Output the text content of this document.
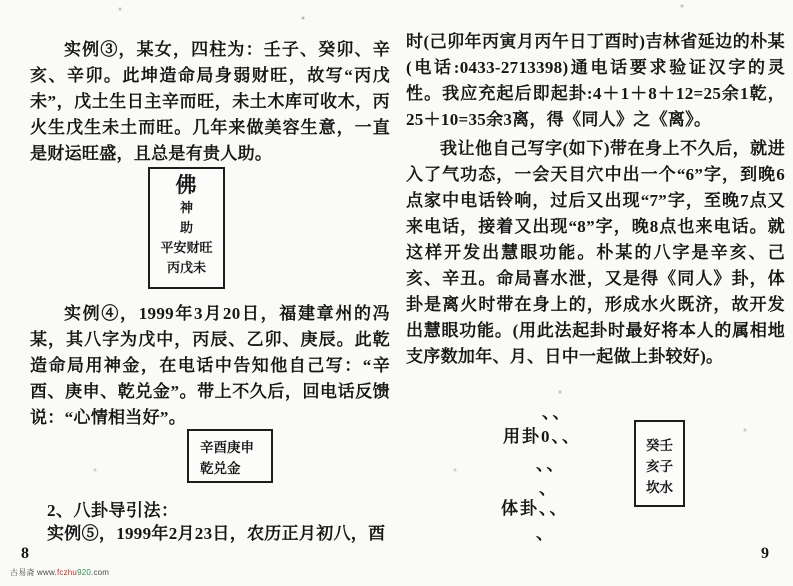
实例③，某女，四柱为：壬子、癸卯、辛亥、辛卯。此坤造命局身弱财旺，故写“丙戊未”，戊土生日主辛而旺，未土木库可收木，丙火生戊生未土而旺。几年来做美容生意，一直是财运旺盛，且总是有贵人助。

佛
神
助
平安财旺
丙戊未

实例④，1999年3月20日，福建章州的冯某，其八字为戊中，丙辰、乙卯、庚辰。此乾造命局用神金，在电话中告知他自己写：“辛酉、庚申、乾兑金”。带上不久后，回电话反馈说：“心情相当好”。

辛酉庚申
乾兑金

2、八卦导引法：

实例⑤，1999年2月23日，农历正月初八，酉

8
古易斋 www.fczhu920.com

时(己卯年丙寅月丙午日丁酉时)吉林省延边的朴某(电话:0433-2713398)通电话要求验证汉字的灵性。我应充起后即起卦:4＋1＋8＋12=25余1乾，25＋10=35余3离，得《同人》之《离》。

我让他自己写字(如下)带在身上不久后，就进入了气功态，一会天目穴中出一个“6”字，到晚6点家中电话铃响，过后又出现“7”字，至晚7点又来电话，接着又出现“8”字，晚8点也来电话。就这样开发出慧眼功能。朴某的八字是辛亥、己亥、辛丑。命局喜水泄，又是得《同人》卦，体卦是离火时带在身上的，形成水火既济，故开发出慧眼功能。(用此法起卦时最好将本人的属相地支序数加年、月、日中一起做上卦较好)。

、、
用卦0、、
、、
、
体卦、、
、
癸壬
亥子
坎水
9
